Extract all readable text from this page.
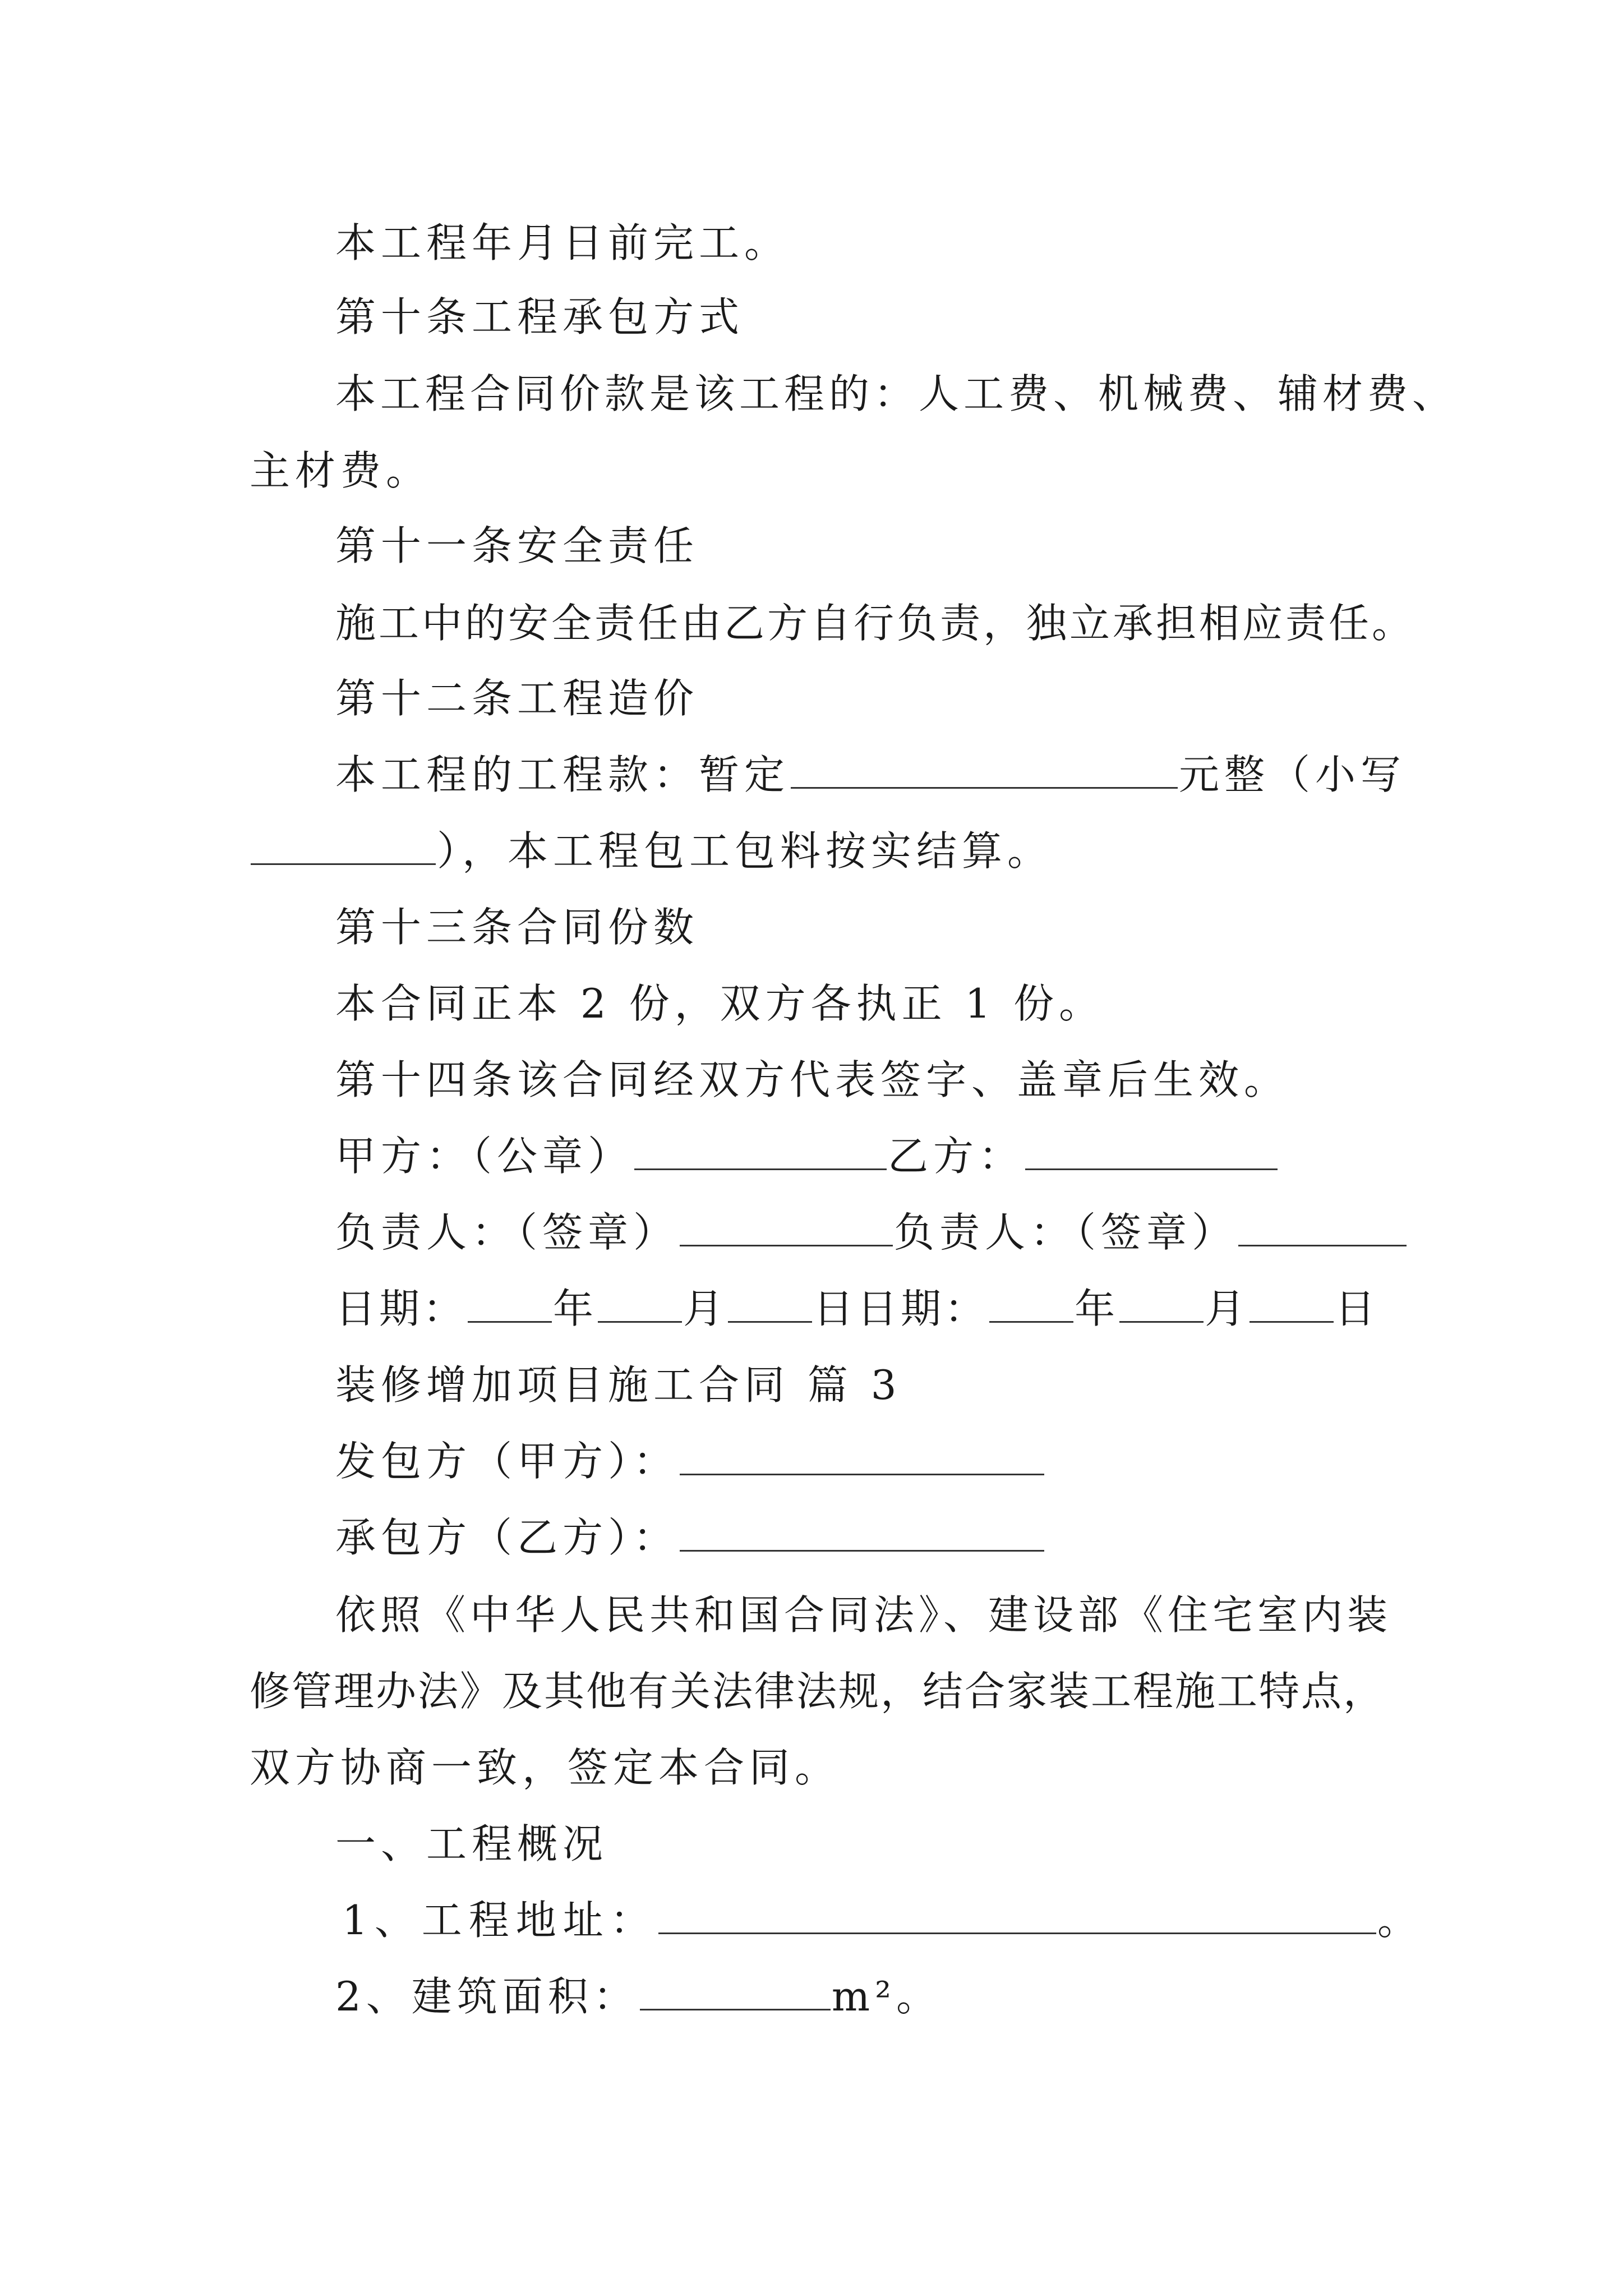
本工程年月日前完工。
第十条工程承包方式
本工程合同价款是该工程的：人工费、机械费、辅材费、
主材费。
第十一条安全责任
施工中的安全责任由乙方自行负责，独立承担相应责任。
第十二条工程造价
本工程的工程款：暂定	元整（小写
），本工程包工包料按实结算。
第十三条合同份数
本合同正本 2 份，双方各执正 1 份。
第十四条该合同经双方代表签字、盖章后生效。
甲方：（公章）	乙方：
负责人：（签章）	负责人：（签章）
日期： 年 月 日日期： 年 月 日
装修增加项目施工合同 篇 3
发包方（甲方）：
承包方（乙方）：
依照《中华人民共和国合同法》、建设部《住宅室内装
修管理办法》及其他有关法律法规，结合家装工程施工特点，
双方协商一致，签定本合同。
一、工程概况
1、工程地址：	。
2、建筑面积：	m²。
